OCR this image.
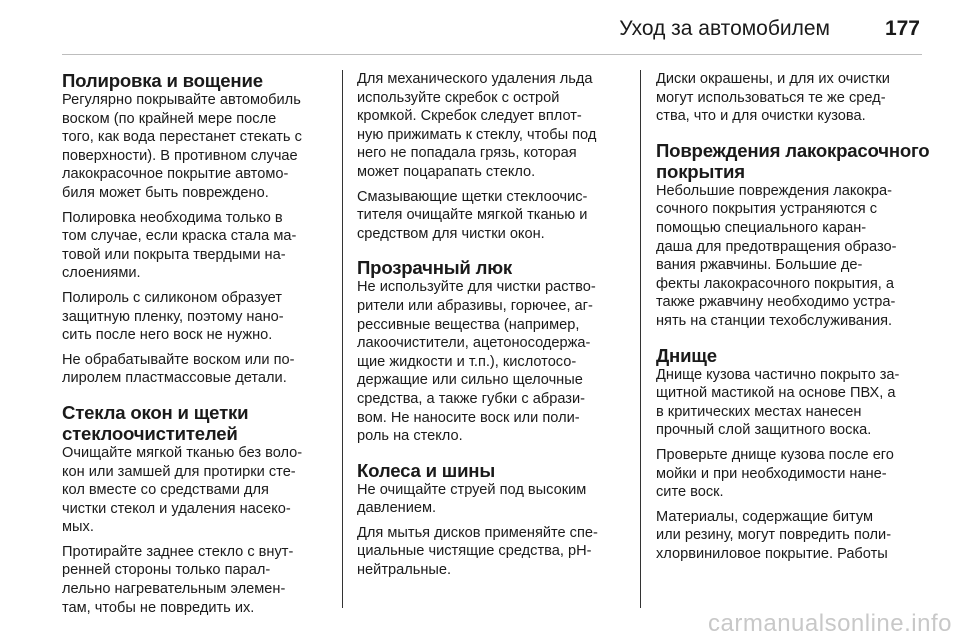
Уход за автомобилем	177
Полировка и вощение

Регулярно покрывайте автомобиль
воском (по крайней мере после
того, как вода перестанет стекать с
поверхности). В противном случае
лакокрасочное покрытие автомо-
биля может быть повреждено.

Полировка необходима только в
том случае, если краска стала ма-
товой или покрыта твердыми на-
слоениями.

Полироль с силиконом образует
защитную пленку, поэтому нано-
сить после него воск не нужно.

Не обрабатывайте воском или по-
лиролем пластмассовые детали.

Стекла окон и щетки
стеклоочистителей

Очищайте мягкой тканью без воло-
кон или замшей для протирки сте-
кол вместе со средствами для
чистки стекол и удаления насеко-
мых.

Протирайте заднее стекло с внут-
ренней стороны только парал-
лельно нагревательным элемен-
там, чтобы не повредить их.

Для механического удаления льда
используйте скребок с острой
кромкой. Скребок следует вплот-
ную прижимать к стеклу, чтобы под
него не попадала грязь, которая
может поцарапать стекло.

Смазывающие щетки стеклоочис-
тителя очищайте мягкой тканью и
средством для чистки окон.

Прозрачный люк

Не используйте для чистки раство-
рители или абразивы, горючее, аг-
рессивные вещества (например,
лакоочистители, ацетоносодержа-
щие жидкости и т.п.), кислотосо-
держащие или сильно щелочные
средства, а также губки с абрази-
вом. Не наносите воск или поли-
роль на стекло.

Колеса и шины

Не очищайте струей под высоким
давлением.

Для мытья дисков применяйте спе-
циальные чистящие средства, pH-
нейтральные.

Диски окрашены, и для их очистки
могут использоваться те же сред-
ства, что и для очистки кузова.

Повреждения лакокрасочного
покрытия

Небольшие повреждения лакокра-
сочного покрытия устраняются с
помощью специального каран-
даша для предотвращения образо-
вания ржавчины. Большие де-
фекты лакокрасочного покрытия, а
также ржавчину необходимо устра-
нять на станции техобслуживания.

Днище

Днище кузова частично покрыто за-
щитной мастикой на основе ПВХ, а
в критических местах нанесен
прочный слой защитного воска.

Проверьте днище кузова после его
мойки и при необходимости нане-
сите воск.

Материалы, содержащие битум
или резину, могут повредить поли-
хлорвиниловое покрытие. Работы

carmanualsonline.info
